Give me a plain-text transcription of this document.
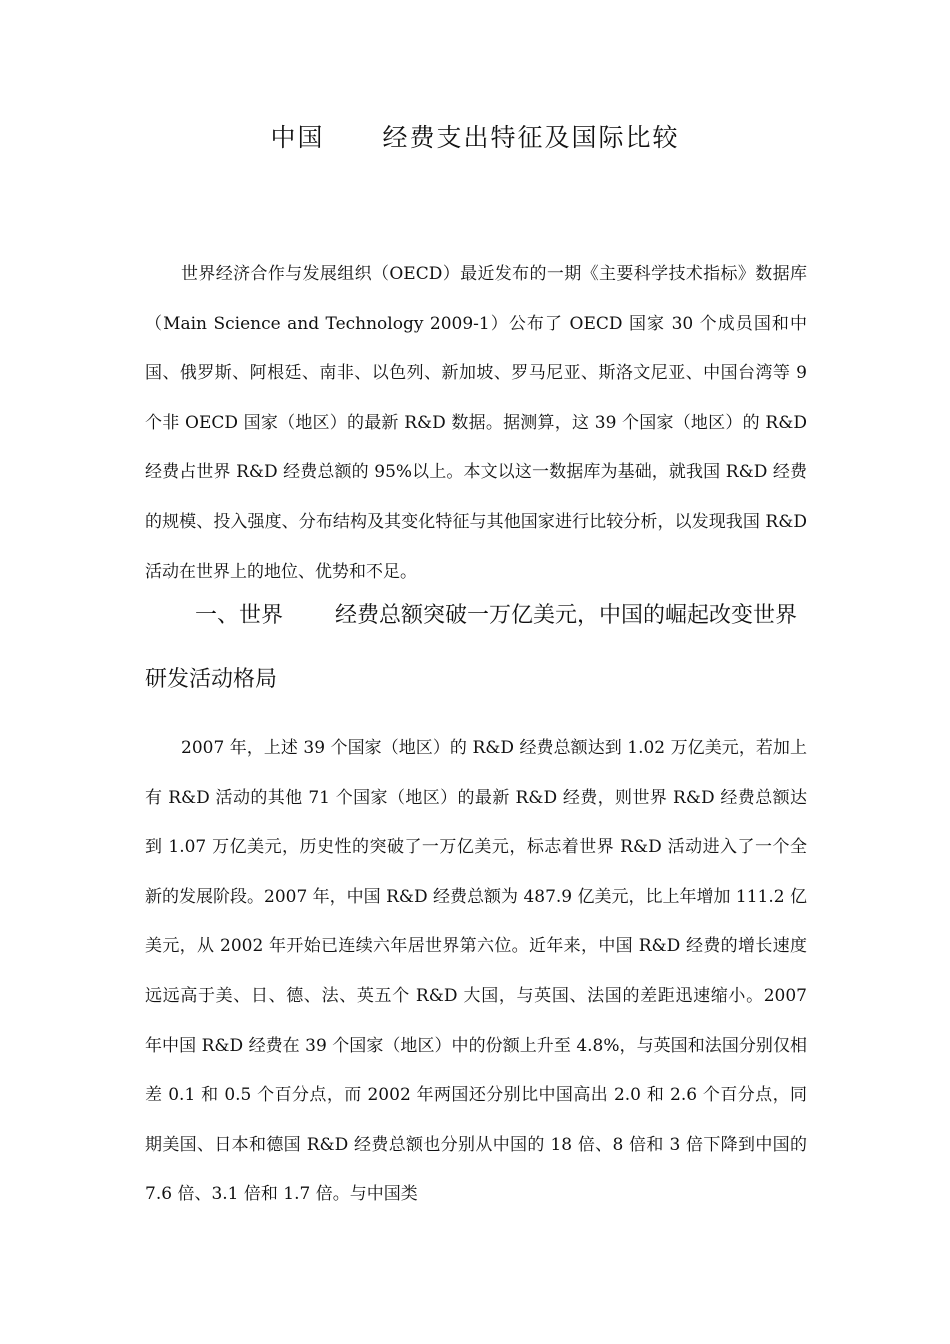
中国 经费支出特征及国际比较

世界经济合作与发展组织（OECD）最近发布的一期《主要科学技术指标》数据库（Main Science and Technology 2009-1）公布了 OECD 国家 30 个成员国和中国、俄罗斯、阿根廷、南非、以色列、新加坡、罗马尼亚、斯洛文尼亚、中国台湾等 9 个非 OECD 国家（地区）的最新 R&D 数据。据测算，这 39 个国家（地区）的 R&D 经费占世界 R&D 经费总额的 95%以上。本文以这一数据库为基础，就我国 R&D 经费的规模、投入强度、分布结构及其变化特征与其他国家进行比较分析，以发现我国 R&D 活动在世界上的地位、优势和不足。

一、世界 经费总额突破一万亿美元，中国的崛起改变世界研发活动格局

2007 年，上述 39 个国家（地区）的 R&D 经费总额达到 1.02 万亿美元，若加上有 R&D 活动的其他 71 个国家（地区）的最新 R&D 经费，则世界 R&D 经费总额达到 1.07 万亿美元，历史性的突破了一万亿美元，标志着世界 R&D 活动进入了一个全新的发展阶段。2007 年，中国 R&D 经费总额为 487.9 亿美元，比上年增加 111.2 亿美元，从 2002 年开始已连续六年居世界第六位。近年来，中国 R&D 经费的增长速度远远高于美、日、德、法、英五个 R&D 大国，与英国、法国的差距迅速缩小。2007 年中国 R&D 经费在 39 个国家（地区）中的份额上升至 4.8%，与英国和法国分别仅相差 0.1 和 0.5 个百分点，而 2002 年两国还分别比中国高出 2.0 和 2.6 个百分点，同期美国、日本和德国 R&D 经费总额也分别从中国的 18 倍、8 倍和 3 倍下降到中国的 7.6 倍、3.1 倍和 1.7 倍。与中国类
